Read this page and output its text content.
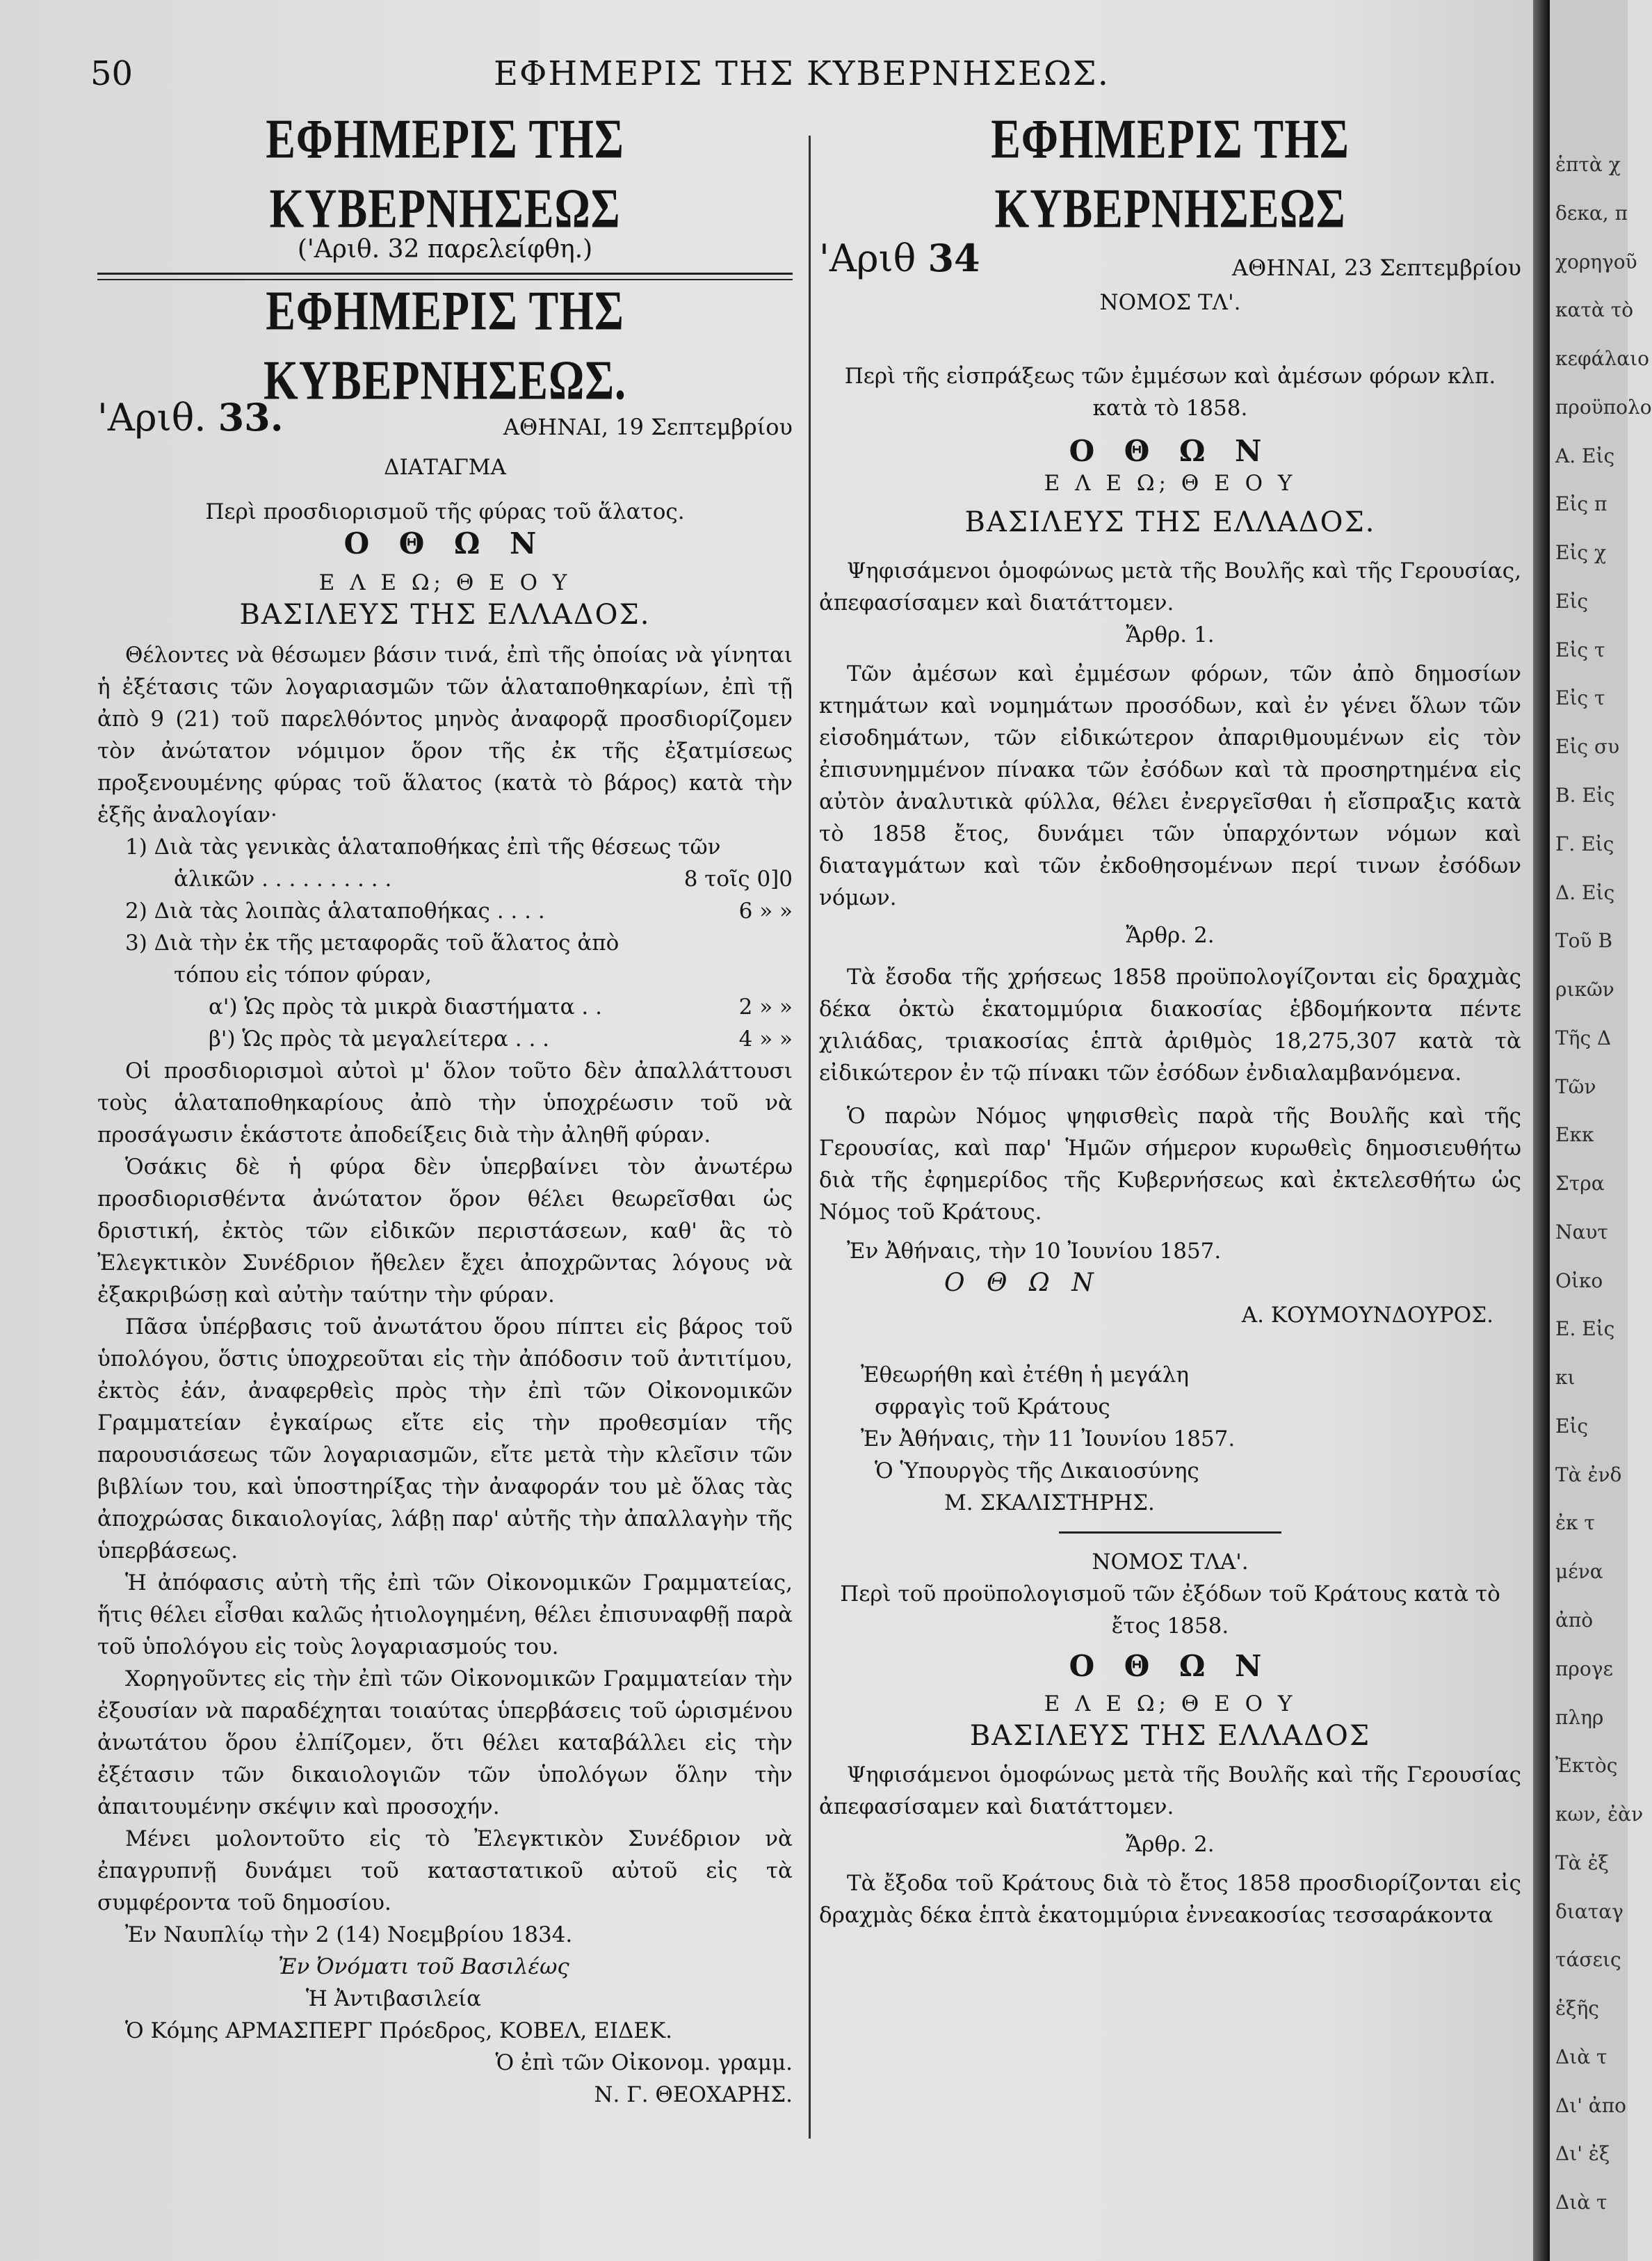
50	ΕΦΗΜΕΡΙΣ ΤΗΣ ΚΥΒΕΡΝΗΣΕΩΣ.
ΕΦΗΜΕΡΙΣ ΤΗΣ ΚΥΒΕΡΝΗΣΕΩΣ
('Αριθ. 32 παρελείφθη.)
ΕΦΗΜΕΡΙΣ ΤΗΣ ΚΥΒΕΡΝΗΣΕΩΣ.
'Αριθ. 33.	ΑΘΗΝΑΙ, 19 Σεπτεμβρίου
ΔΙΑΤΑΓΜΑ
Περὶ προσδιορισμοῦ τῆς φύρας τοῦ ἅλατος.
Ο Θ Ω Ν
Ε Λ Ε Ω; Θ Ε Ο Υ
ΒΑΣΙΛΕΥΣ ΤΗΣ ΕΛΛΑΔΟΣ.

Θέλοντες νὰ θέσωμεν βάσιν τινά, ἐπὶ τῆς ὁποίας νὰ γίνηται ἡ ἐξέτασις τῶν λογαριασμῶν τῶν ἁλαταποθηκαρίων, ἐπὶ τῇ ἀπὸ 9 (21) τοῦ παρελθόντος μηνὸς ἀναφορᾷ προσδιορίζομεν τὸν ἀνώτατον νόμιμον ὅρον τῆς ἐκ τῆς ἐξατμίσεως προξενουμένης φύρας τοῦ ἅλατος (κατὰ τὸ βάρος) κατὰ τὴν ἑξῆς ἀναλογίαν·

1) Διὰ τὰς γενικὰς ἁλαταποθήκας ἐπὶ τῆς θέσεως τῶν
ἁλικῶν . . . . . . . . . .	8 τοῖς 0]0
2) Διὰ τὰς λοιπὰς ἁλαταποθήκας . . . .	6 » »
3) Διὰ τὴν ἐκ τῆς μεταφορᾶς τοῦ ἅλατος ἀπὸ
τόπου εἰς τόπον φύραν,
α') Ὡς πρὸς τὰ μικρὰ διαστήματα . .	2 » »
β') Ὡς πρὸς τὰ μεγαλείτερα . . .	4 » »

Οἱ προσδιορισμοὶ αὐτοὶ μ' ὅλον τοῦτο δὲν ἀπαλλάττουσι τοὺς ἁλαταποθηκαρίους ἀπὸ τὴν ὑποχρέωσιν τοῦ νὰ προσάγωσιν ἑκάστοτε ἀποδείξεις διὰ τὴν ἀληθῆ φύραν.

Ὁσάκις δὲ ἡ φύρα δὲν ὑπερβαίνει τὸν ἀνωτέρω προσδιορισθέντα ἀνώτατον ὅρον θέλει θεωρεῖσθαι ὡς δριστική, ἐκτὸς τῶν εἰδικῶν περιστάσεων, καθ' ἃς τὸ Ἐλεγκτικὸν Συνέδριον ἤθελεν ἔχει ἀποχρῶντας λόγους νὰ ἐξακριβώσῃ καὶ αὐτὴν ταύτην τὴν φύραν.

Πᾶσα ὑπέρβασις τοῦ ἀνωτάτου ὅρου πίπτει εἰς βάρος τοῦ ὑπολόγου, ὅστις ὑποχρεοῦται εἰς τὴν ἀπόδοσιν τοῦ ἀντιτίμου, ἐκτὸς ἐάν, ἀναφερθεὶς πρὸς τὴν ἐπὶ τῶν Οἰκονομικῶν Γραμματείαν ἐγκαίρως εἴτε εἰς τὴν προθεσμίαν τῆς παρουσιάσεως τῶν λογαριασμῶν, εἴτε μετὰ τὴν κλεῖσιν τῶν βιβλίων του, καὶ ὑποστηρίξας τὴν ἀναφοράν του μὲ ὅλας τὰς ἀποχρώσας δικαιολογίας, λάβῃ παρ' αὐτῆς τὴν ἀπαλλαγὴν τῆς ὑπερβάσεως.

Ἡ ἀπόφασις αὐτὴ τῆς ἐπὶ τῶν Οἰκονομικῶν Γραμματείας, ἥτις θέλει εἶσθαι καλῶς ἠτιολογημένη, θέλει ἐπισυναφθῇ παρὰ τοῦ ὑπολόγου εἰς τοὺς λογαριασμούς του.

Χορηγοῦντες εἰς τὴν ἐπὶ τῶν Οἰκονομικῶν Γραμματείαν τὴν ἐξουσίαν νὰ παραδέχηται τοιαύτας ὑπερβάσεις τοῦ ὡρισμένου ἀνωτάτου ὅρου ἐλπίζομεν, ὅτι θέλει καταβάλλει εἰς τὴν ἐξέτασιν τῶν δικαιολογιῶν τῶν ὑπολόγων ὅλην τὴν ἀπαιτουμένην σκέψιν καὶ προσοχήν.

Μένει μολοντοῦτο εἰς τὸ Ἐλεγκτικὸν Συνέδριον νὰ ἐπαγρυπνῇ δυνάμει τοῦ καταστατικοῦ αὐτοῦ εἰς τὰ συμφέροντα τοῦ δημοσίου.

Ἐν Ναυπλίῳ τὴν 2 (14) Νοεμβρίου 1834.
Ἐν Ὀνόματι τοῦ Βασιλέως
Ἡ Ἀντιβασιλεία
Ὁ Κόμης ΑΡΜΑΣΠΕΡΓ Πρόεδρος, ΚΟΒΕΛ, ΕΙΔΕΚ.
Ὁ ἐπὶ τῶν Οἰκονομ. γραμμ.
Ν. Γ. ΘΕΟΧΑΡΗΣ.
ΕΦΗΜΕΡΙΣ ΤΗΣ ΚΥΒΕΡΝΗΣΕΩΣ
'Αριθ 34	ΑΘΗΝΑΙ, 23 Σεπτεμβρίου
ΝΟΜΟΣ ΤΛ'.
Περὶ τῆς εἰσπράξεως τῶν ἐμμέσων καὶ ἀμέσων φόρων κλπ.
κατὰ τὸ 1858.
Ο Θ Ω Ν
Ε Λ Ε Ω; Θ Ε Ο Υ
ΒΑΣΙΛΕΥΣ ΤΗΣ ΕΛΛΑΔΟΣ.

Ψηφισάμενοι ὁμοφώνως μετὰ τῆς Βουλῆς καὶ τῆς Γερουσίας, ἀπεφασίσαμεν καὶ διατάττομεν.

Ἄρθρ. 1.

Τῶν ἀμέσων καὶ ἐμμέσων φόρων, τῶν ἀπὸ δημοσίων κτημάτων καὶ νομημάτων προσόδων, καὶ ἐν γένει ὅλων τῶν εἰσοδημάτων, τῶν εἰδικώτερον ἀπαριθμουμένων εἰς τὸν ἐπισυνημμένον πίνακα τῶν ἐσόδων καὶ τὰ προσηρτημένα εἰς αὐτὸν ἀναλυτικὰ φύλλα, θέλει ἐνεργεῖσθαι ἡ εἴσπραξις κατὰ τὸ 1858 ἔτος, δυνάμει τῶν ὑπαρχόντων νόμων καὶ διαταγμάτων καὶ τῶν ἐκδοθησομένων περί τινων ἐσόδων νόμων.

Ἄρθρ. 2.

Τὰ ἔσοδα τῆς χρήσεως 1858 προϋπολογίζονται εἰς δραχμὰς δέκα ὀκτὼ ἑκατομμύρια διακοσίας ἑβδομήκοντα πέντε χιλιάδας, τριακοσίας ἑπτὰ ἀριθμὸς 18,275,307 κατὰ τὰ εἰδικώτερον ἐν τῷ πίνακι τῶν ἐσόδων ἐνδιαλαμβανόμενα.

Ὁ παρὼν Νόμος ψηφισθεὶς παρὰ τῆς Βουλῆς καὶ τῆς Γερουσίας, καὶ παρ' Ἡμῶν σήμερον κυρωθεὶς δημοσιευθήτω διὰ τῆς ἐφημερίδος τῆς Κυβερνήσεως καὶ ἐκτελεσθήτω ὡς Νόμος τοῦ Κράτους.

Ἐν Ἀθήναις, τὴν 10 Ἰουνίου 1857.
Ο Θ Ω Ν
Α. ΚΟΥΜΟΥΝΔΟΥΡΟΣ.
Ἐθεωρήθη καὶ ἐτέθη ἡ μεγάλη
σφραγὶς τοῦ Κράτους
Ἐν Ἀθήναις, τὴν 11 Ἰουνίου 1857.
Ὁ Ὑπουργὸς τῆς Δικαιοσύνης
Μ. ΣΚΑΛΙΣΤΗΡΗΣ.
ΝΟΜΟΣ ΤΛΑ'.
Περὶ τοῦ προϋπολογισμοῦ τῶν ἐξόδων τοῦ Κράτους κατὰ τὸ
ἔτος 1858.
Ο Θ Ω Ν
Ε Λ Ε Ω; Θ Ε Ο Υ
ΒΑΣΙΛΕΥΣ ΤΗΣ ΕΛΛΑΔΟΣ

Ψηφισάμενοι ὁμοφώνως μετὰ τῆς Βουλῆς καὶ τῆς Γερουσίας ἀπεφασίσαμεν καὶ διατάττομεν.

Ἄρθρ. 2.

Τὰ ἔξοδα τοῦ Κράτους διὰ τὸ ἔτος 1858 προσδιορίζονται εἰς δραχμὰς δέκα ἑπτὰ ἑκατομμύρια ἐννεακοσίας τεσσαράκοντα

ἑπτὰ χ
δεκα, π
χορηγοῦ
κατὰ τὸ
κεφάλαιο
προϋπολο
Α. Εἰς
Εἰς π
Εἰς χ
Εἰς
Εἰς τ
Εἰς τ
Εἰς συ
Β. Εἰς
Γ. Εἰς
Δ. Εἰς
Τοῦ Β
ρικῶν
Τῆς Δ
Τῶν
Εκκ
Στρα
Ναυτ
Οἰκο
Ε. Εἰς
κι
Εἰς
Τὰ ἐνδ
ἐκ τ
μένα
ἀπὸ
προγε
πληρ
Ἐκτὸς
κων, ἐὰν
Τὰ ἐξ
διαταγ
τάσεις
ἑξῆς
Διὰ τ
Δι' ἀπο
Δι' ἐξ
Διὰ τ
